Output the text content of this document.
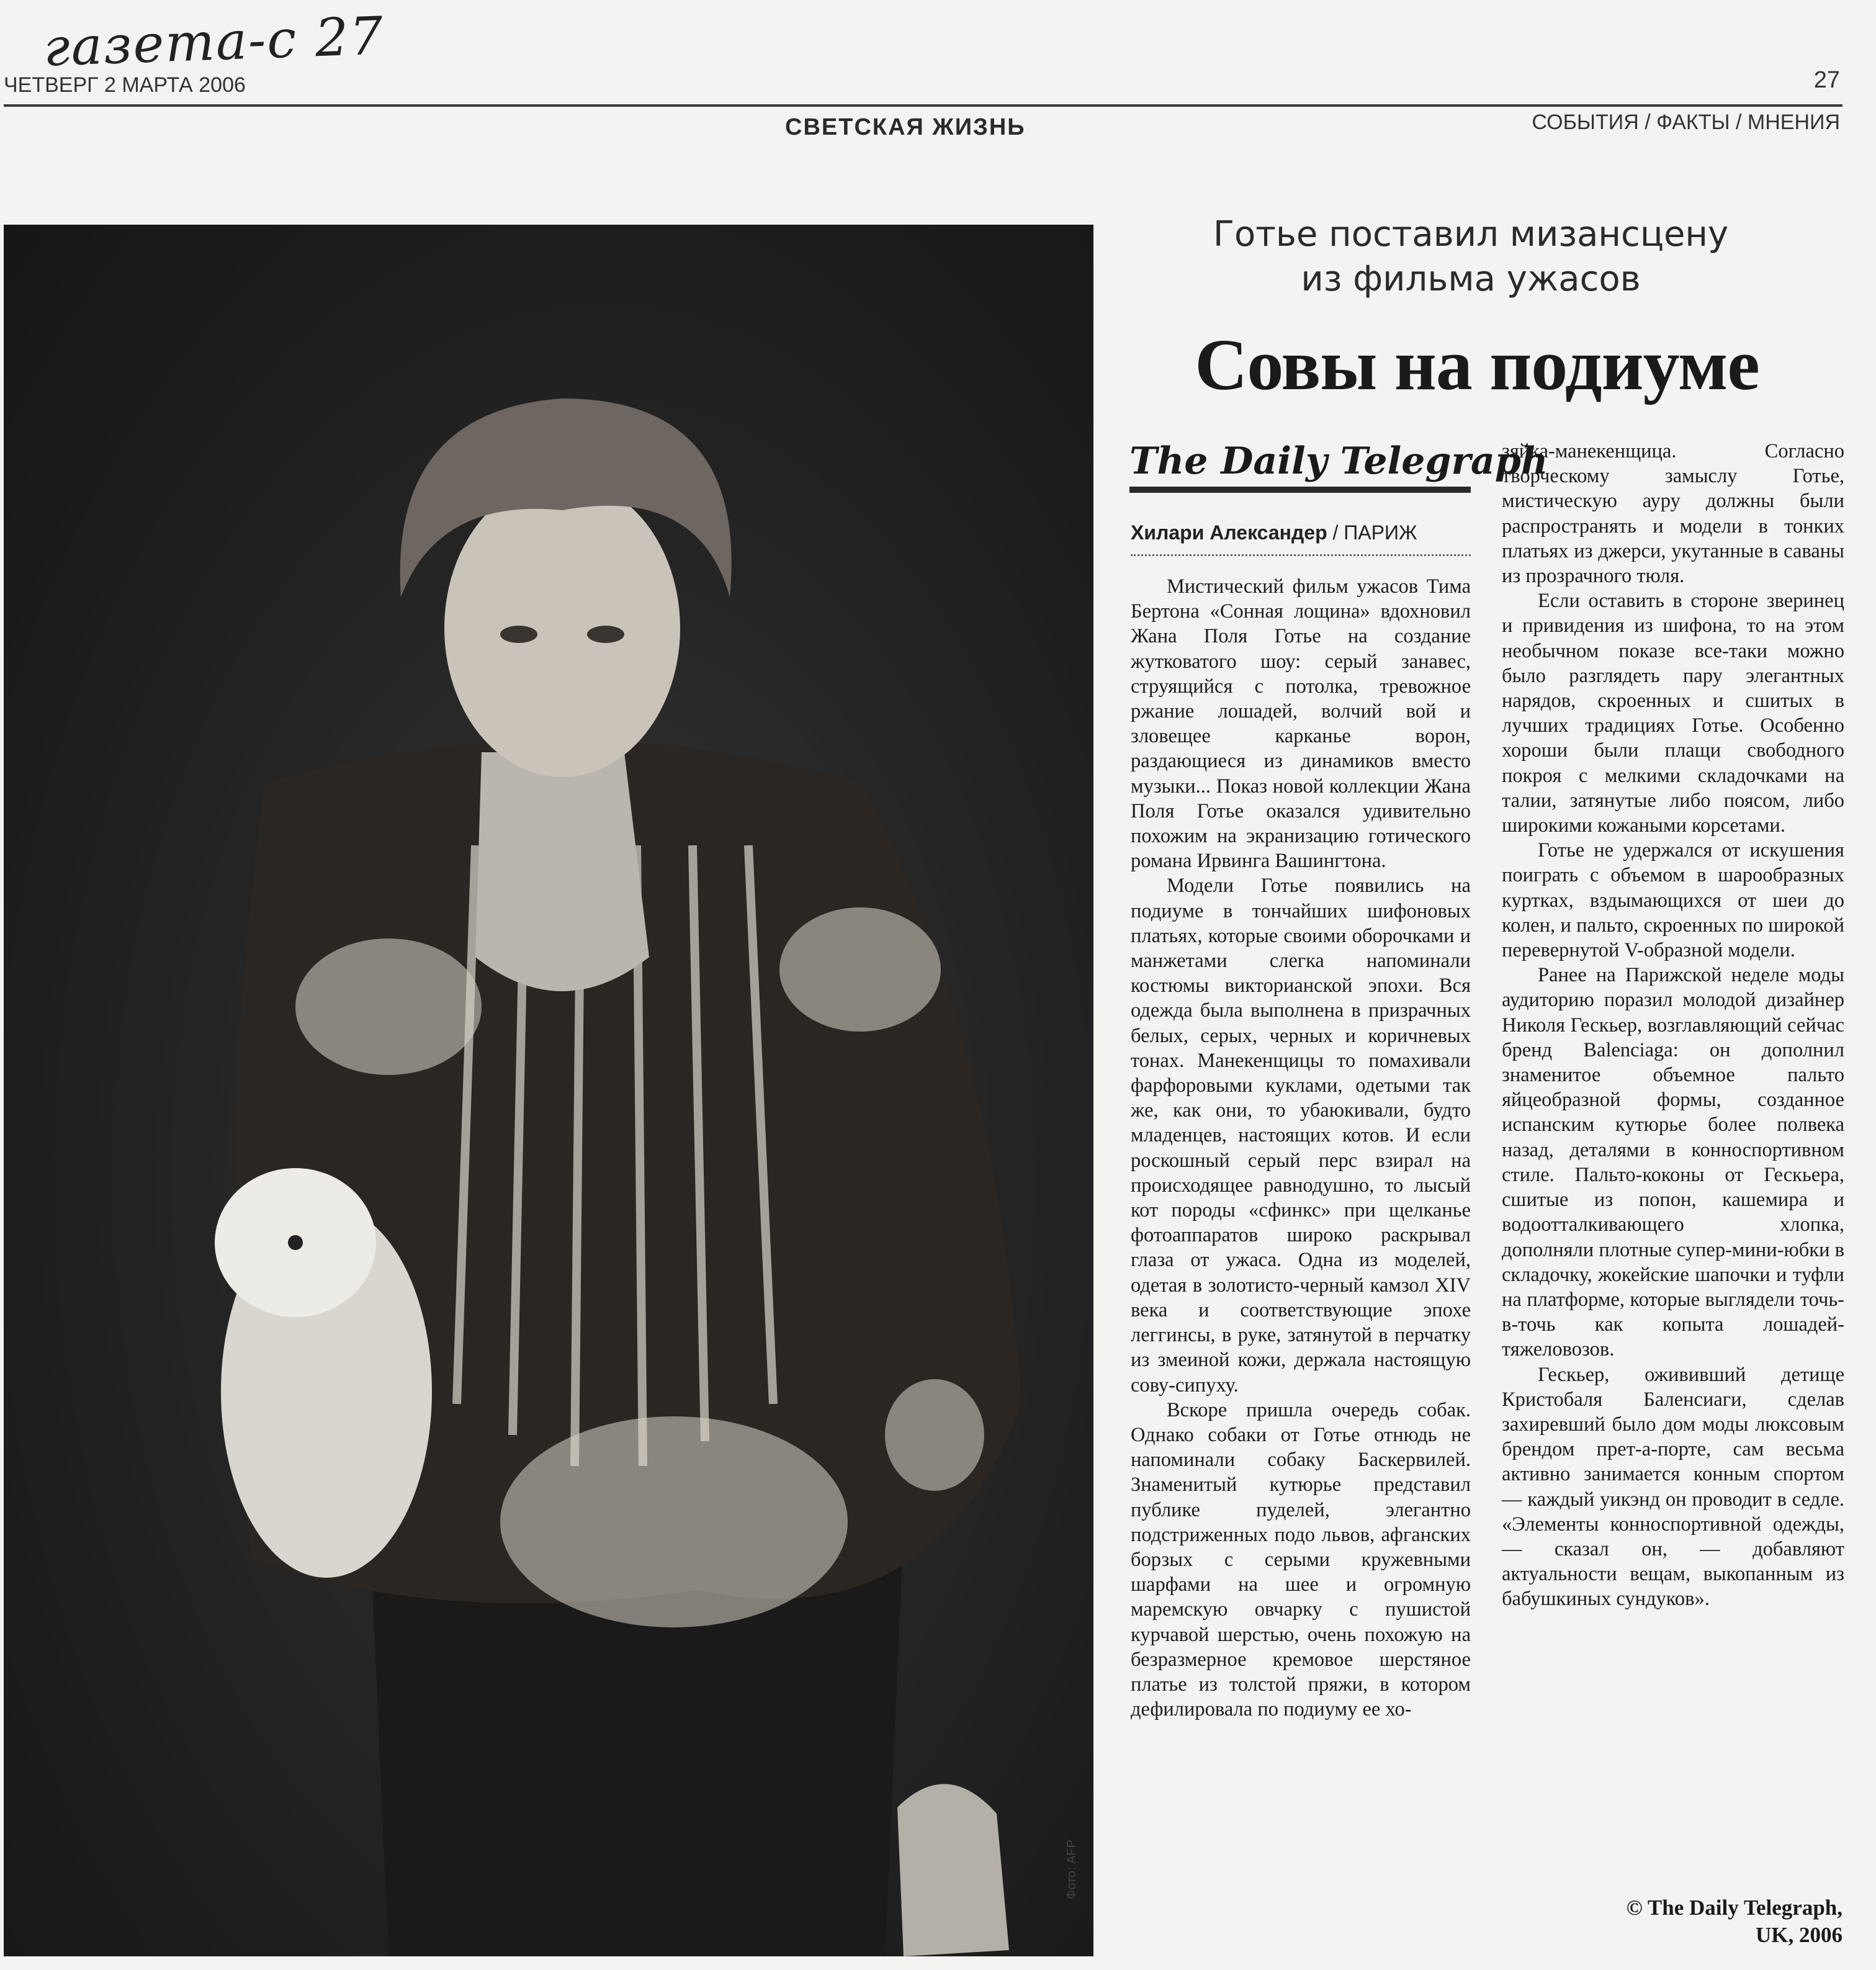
газета-с 27
ЧЕТВЕРГ 2 МАРТА 2006	27
СВЕТСКАЯ ЖИЗНЬ	СОБЫТИЯ / ФАКТЫ / МНЕНИЯ
Фото: AFP
Готье поставил мизансцену
из фильма ужасов
Совы на подиуме
The Daily Telegraph
Хилари Александер / ПАРИЖ

Мистический фильм ужасов Тима Бертона «Сонная лощина» вдохновил Жана Поля Готье на создание жутковатого шоу: серый занавес, струящийся с потолка, тревожное ржание лошадей, волчий вой и зловещее карканье ворон, раздающиеся из динамиков вместо музыки... Показ новой коллекции Жана Поля Готье оказался удивительно похожим на экранизацию готического романа Ирвинга Вашингтона.

Модели Готье появились на подиуме в тончайших шифоновых платьях, которые своими оборочками и манжетами слегка напоминали костюмы викторианской эпохи. Вся одежда была выполнена в призрачных белых, серых, черных и коричневых тонах. Манекенщицы то помахивали фарфоровыми куклами, одетыми так же, как они, то убаюкивали, будто младенцев, настоящих котов. И если роскошный серый перс взирал на происходящее равнодушно, то лысый кот породы «сфинкс» при щелканье фотоаппаратов широко раскрывал глаза от ужаса. Одна из моделей, одетая в золотисто-черный камзол XIV века и соответствующие эпохе леггинсы, в руке, затянутой в перчатку из змеиной кожи, держала настоящую сову-сипуху.

Вскоре пришла очередь собак. Однако собаки от Готье отнюдь не напоминали собаку Баскервилей. Знаменитый кутюрье представил публике пуделей, элегантно подстриженных подо львов, афганских борзых с серыми кружевными шарфами на шее и огромную маремскую овчарку с пушистой курчавой шерстью, очень похожую на безразмерное кремовое шерстяное платье из толстой пряжи, в котором дефилировала по подиуму ее хо-

зяйка-манекенщица. Согласно творческому замыслу Готье, мистическую ауру должны были распространять и модели в тонких платьях из джерси, укутанные в саваны из прозрачного тюля.

Если оставить в стороне зверинец и привидения из шифона, то на этом необычном показе все-таки можно было разглядеть пару элегантных нарядов, скроенных и сшитых в лучших традициях Готье. Особенно хороши были плащи свободного покроя с мелкими складочками на талии, затянутые либо поясом, либо широкими кожаными корсетами.

Готье не удержался от искушения поиграть с объемом в шарообразных куртках, вздымающихся от шеи до колен, и пальто, скроенных по широкой перевернутой V-образной модели.

Ранее на Парижской неделе моды аудиторию поразил молодой дизайнер Николя Гескьер, возглавляющий сейчас бренд Balenciaga: он дополнил знаменитое объемное пальто яйцеобразной формы, созданное испанским кутюрье более полвека назад, деталями в конноспортивном стиле. Пальто-коконы от Гескьера, сшитые из попон, кашемира и водоотталкивающего хлопка, дополняли плотные супер-мини-юбки в складочку, жокейские шапочки и туфли на платформе, которые выглядели точь-в-точь как копыта лошадей-тяжеловозов.

Гескьер, ожививший детище Кристобаля Баленсиаги, сделав захиревший было дом моды люксовым брендом прет-а-порте, сам весьма активно занимается конным спортом — каждый уикэнд он проводит в седле. «Элементы конноспортивной одежды, — сказал он, — добавляют актуальности вещам, выкопанным из бабушкиных сундуков».

© The Daily Telegraph,
UK, 2006
